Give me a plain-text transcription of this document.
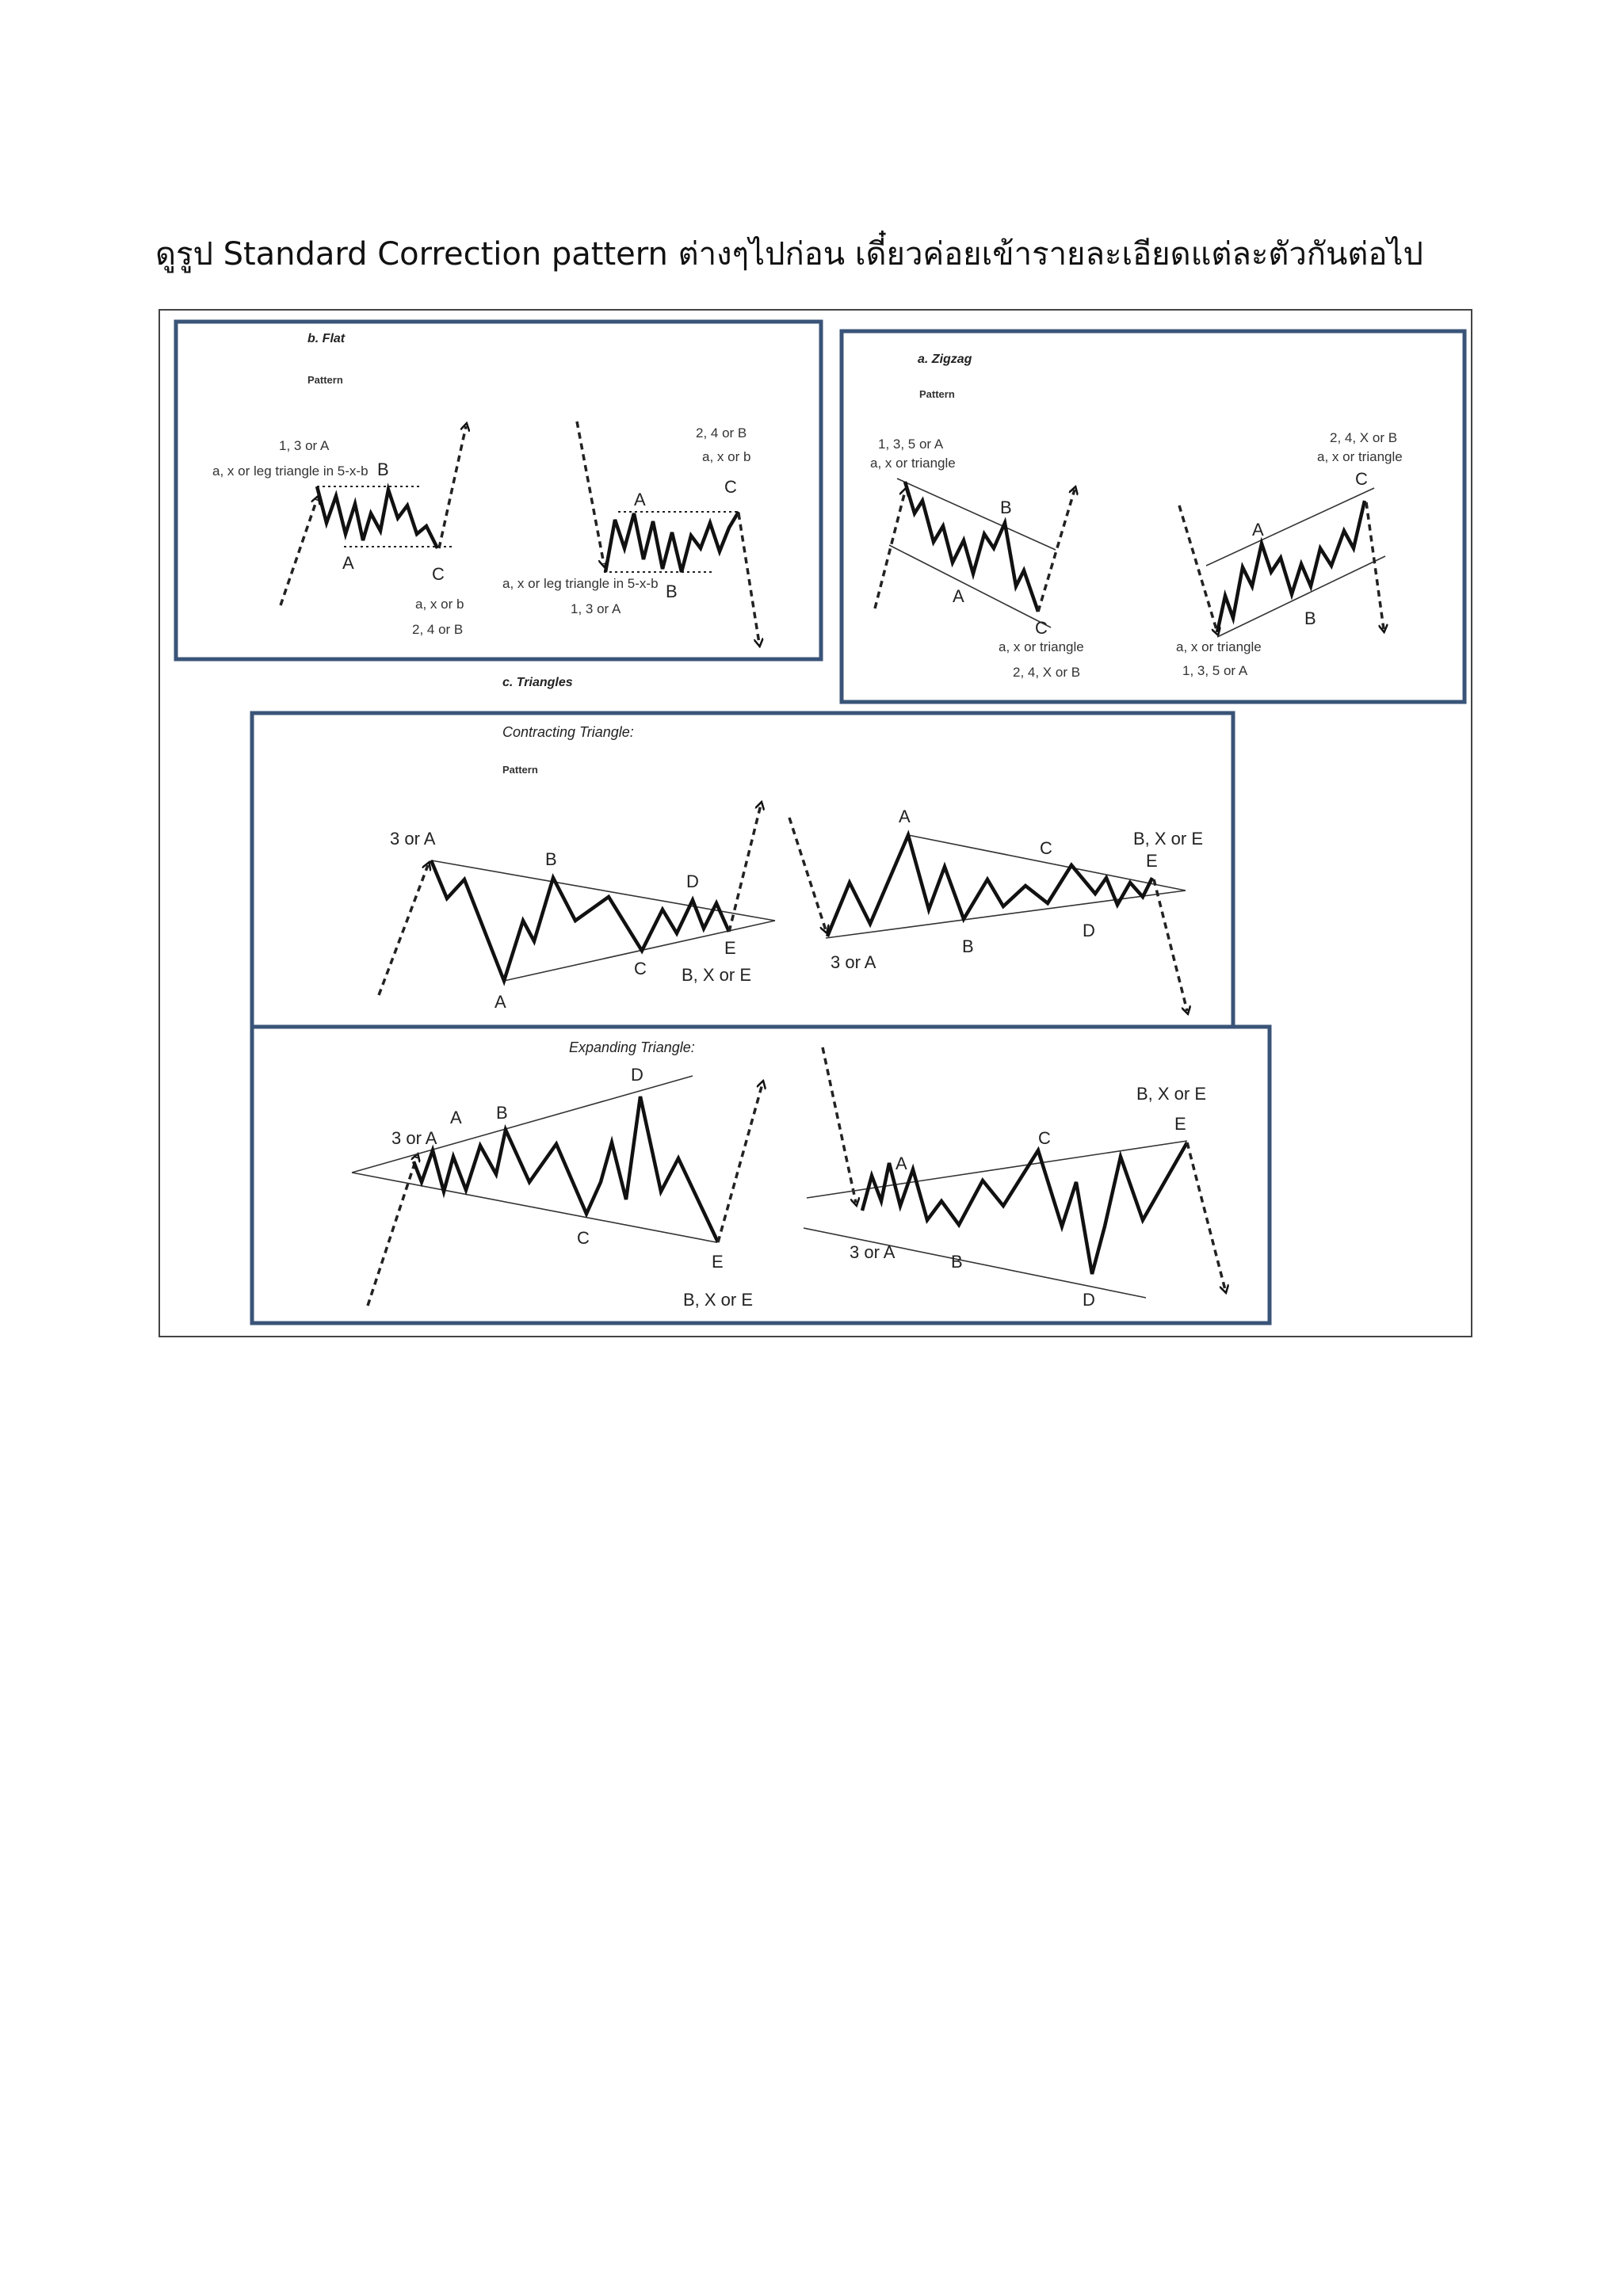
ดูรูป Standard Correction pattern ต่างๆไปก่อน เดี๋ยวค่อยเข้ารายละเอียดแต่ละตัวกันต่อไป
b. Flat
Pattern
1, 3 or A
a, x or leg triangle in 5-x-b B
A
C
a, x or b
2, 4 or B
2, 4 or B
a, x or b
C
A
B
a, x or leg triangle in 5-x-b
1, 3 or A
a. Zigzag
Pattern
1, 3, 5 or A
a, x or triangle
B
A
C
a, x or triangle
2, 4, X or B
2, 4, X or B
a, x or triangle
C
A
B
a, x or triangle
1, 3, 5 or A
c. Triangles
Contracting Triangle:
Pattern
3 or A
B
A
C
D
E
B, X or E
3 or A
A
B
C
D
E
B, X or E
Expanding Triangle:
3 or A
A B
C
D
E
B, X or E
3 or A
A
B
C
D
E
B, X or E
